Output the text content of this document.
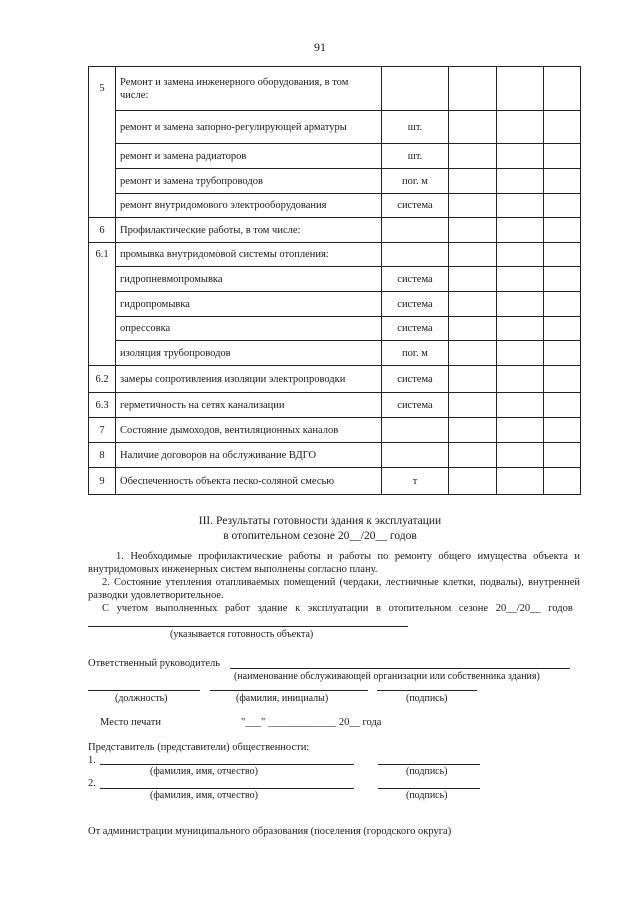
91
5	Ремонт и замена инженерного оборудования, в том числе:				
	ремонт и замена запорно-регулирующей арматуры	шт.			
	ремонт и замена радиаторов	шт.			
	ремонт и замена трубопроводов	пог. м			
	ремонт внутридомового электрооборудования	система			
6	Профилактические работы, в том числе:				
6.1	промывка внутридомовой системы отопления:				
	гидропневмопромывка	система			
	гидропромывка	система			
	опрессовка	система			
	изоляция трубопроводов	пог. м			
6.2	замеры сопротивления изоляции электропроводки	система			
6.3	герметичность на сетях канализации	система			
7	Состояние дымоходов, вентиляционных каналов				
8	Наличие договоров на обслуживание ВДГО				
9	Обеспеченность объекта песко-соляной смесью	т			
III. Результаты готовности здания к эксплуатации
в отопительном сезоне 20__/20__ годов
1. Необходимые профилактические работы и работы по ремонту общего имущества объекта и внутридомовых инженерных систем выполнены согласно плану.
2. Состояние утепления отапливаемых помещений (чердаки, лестничные клетки, подвалы), внутренней разводки удовлетворительное.
С учетом выполненных работ здание к эксплуатации в отопительном сезоне 20__/20__ годов
(указывается готовность объекта)
Ответственный руководитель
(наименование обслуживающей организации или собственника здания)
(должность)	(фамилия, инициалы)	(подпись)
Место печати	"___" _____________ 20__ года
Представитель (представители) общественности:
1.
(фамилия, имя, отчество)	(подпись)
2.
(фамилия, имя, отчество)	(подпись)
От администрации муниципального образования (поселения (городского округа)
